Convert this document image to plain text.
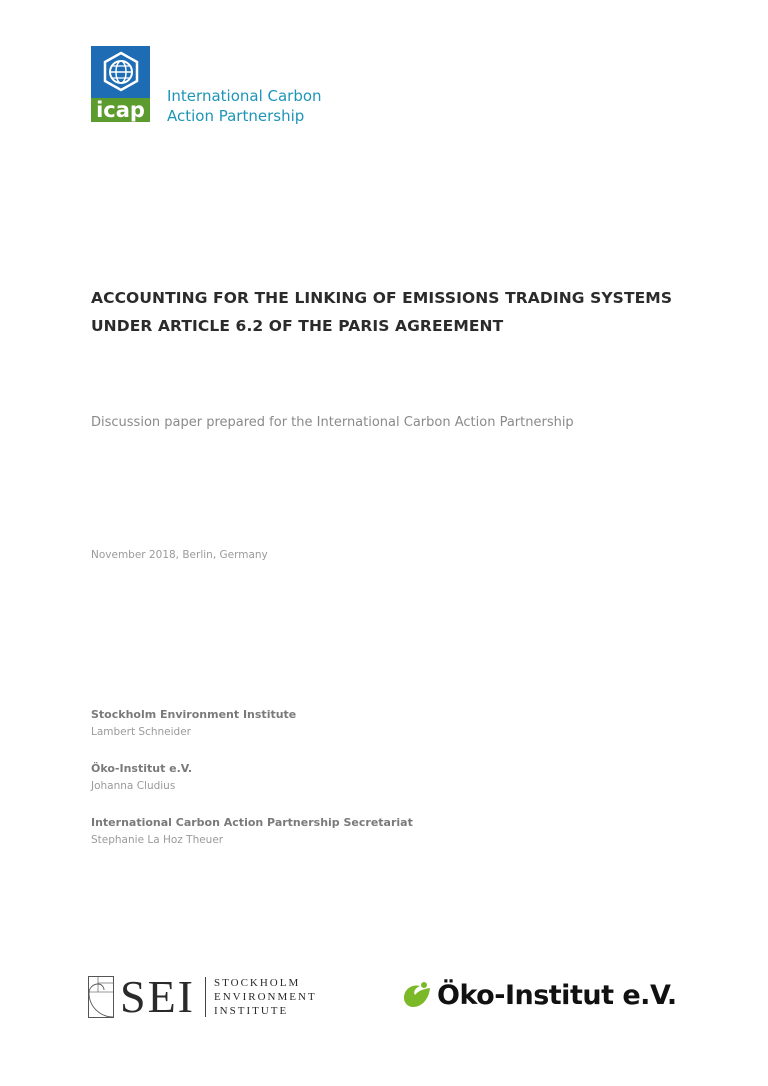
icap
International Carbon
Action Partnership
ACCOUNTING FOR THE LINKING OF EMISSIONS TRADING SYSTEMS
UNDER ARTICLE 6.2 OF THE PARIS AGREEMENT
Discussion paper prepared for the International Carbon Action Partnership
November 2018, Berlin, Germany
Stockholm Environment Institute
Lambert Schneider
Öko-Institut e.V.
Johanna Cludius
International Carbon Action Partnership Secretariat
Stephanie La Hoz Theuer
SEI STOCKHOLM
ENVIRONMENT
INSTITUTE
Öko-Institut e.V.
